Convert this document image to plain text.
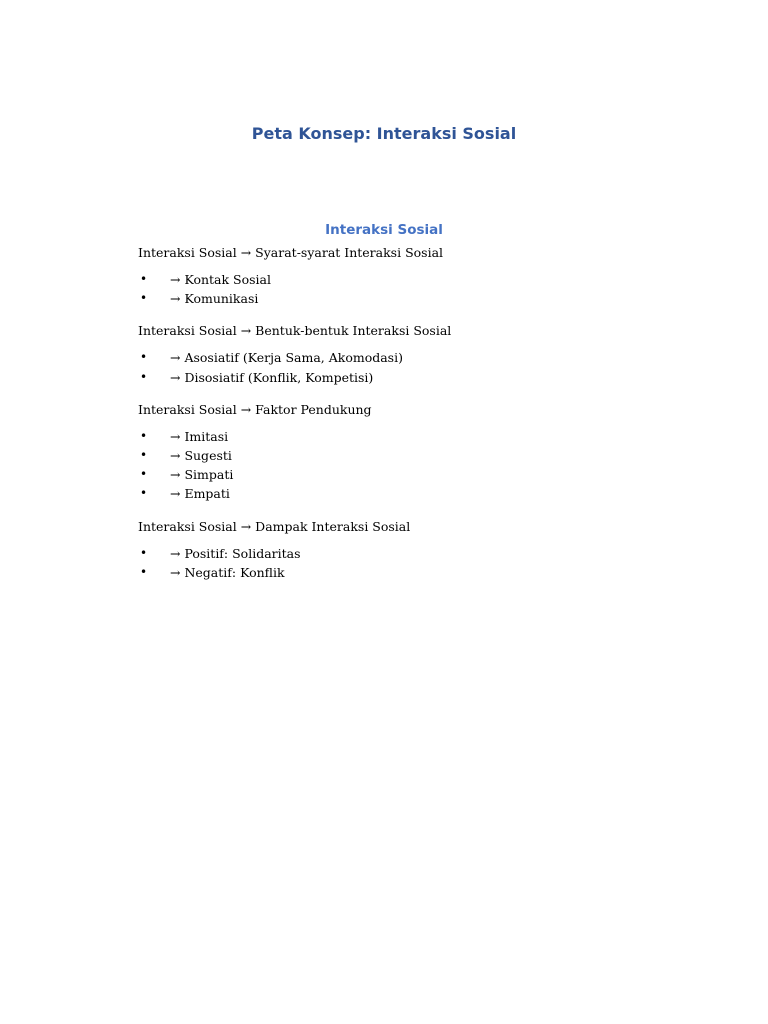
Peta Konsep: Interaksi Sosial
Interaksi Sosial

Interaksi Sosial → Syarat-syarat Interaksi Sosial

• → Kontak Sosial
• → Komunikasi

Interaksi Sosial → Bentuk-bentuk Interaksi Sosial

• → Asosiatif (Kerja Sama, Akomodasi)
• → Disosiatif (Konflik, Kompetisi)

Interaksi Sosial → Faktor Pendukung

• → Imitasi
• → Sugesti
• → Simpati
• → Empati

Interaksi Sosial → Dampak Interaksi Sosial

• → Positif: Solidaritas
• → Negatif: Konflik
